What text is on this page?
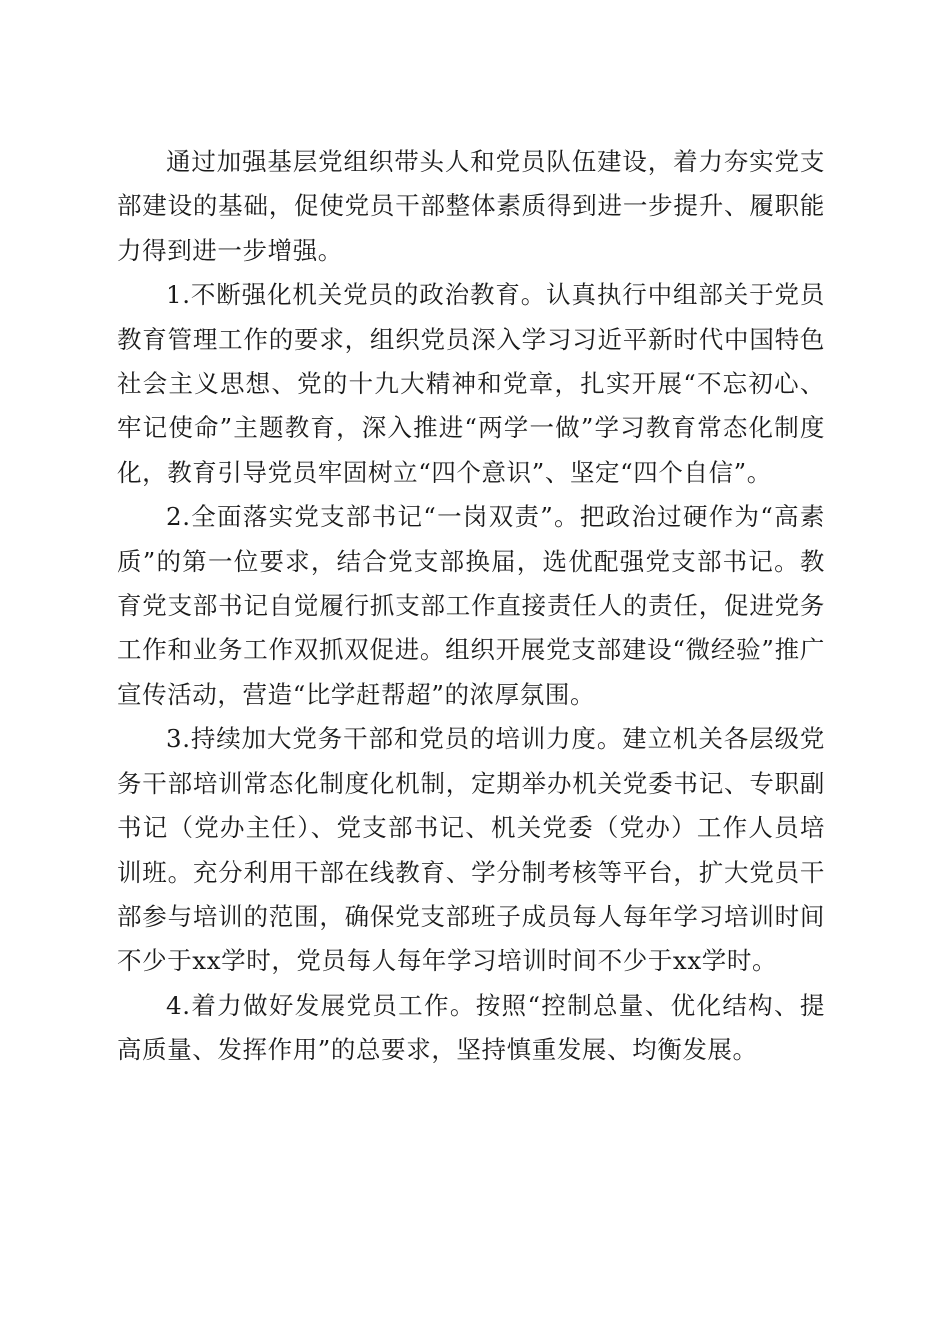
通过加强基层党组织带头人和党员队伍建设，着力夯实党支部建设的基础，促使党员干部整体素质得到进一步提升、履职能力得到进一步增强。

1.不断强化机关党员的政治教育。认真执行中组部关于党员教育管理工作的要求，组织党员深入学习习近平新时代中国特色社会主义思想、党的十九大精神和党章，扎实开展“不忘初心、牢记使命”主题教育，深入推进“两学一做”学习教育常态化制度化，教育引导党员牢固树立“四个意识”、坚定“四个自信”。

2.全面落实党支部书记“一岗双责”。把政治过硬作为“高素质”的第一位要求，结合党支部换届，选优配强党支部书记。教育党支部书记自觉履行抓支部工作直接责任人的责任，促进党务工作和业务工作双抓双促进。组织开展党支部建设“微经验”推广宣传活动，营造“比学赶帮超”的浓厚氛围。

3.持续加大党务干部和党员的培训力度。建立机关各层级党务干部培训常态化制度化机制，定期举办机关党委书记、专职副书记（党办主任）、党支部书记、机关党委（党办）工作人员培训班。充分利用干部在线教育、学分制考核等平台，扩大党员干部参与培训的范围，确保党支部班子成员每人每年学习培训时间不少于xx学时，党员每人每年学习培训时间不少于xx学时。

4.着力做好发展党员工作。按照“控制总量、优化结构、提高质量、发挥作用”的总要求，坚持慎重发展、均衡发展。
